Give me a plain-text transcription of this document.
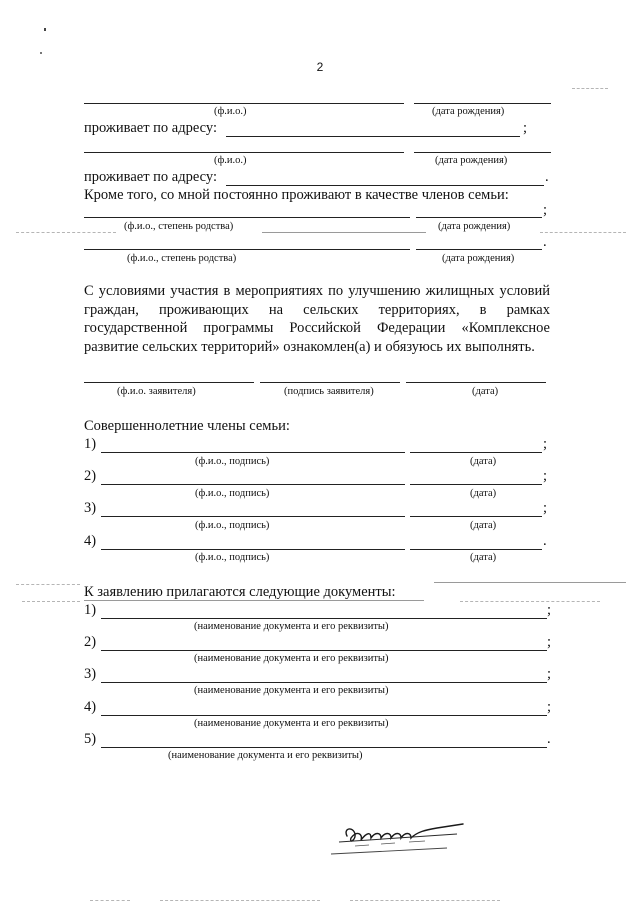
2
(ф.и.о.)	(дата рождения)
проживает по адресу:	;
(ф.и.о.)	(дата рождения)
проживает по адресу:	.
Кроме того, со мной постоянно проживают в качестве членов семьи:
;
(ф.и.о., степень родства)	(дата рождения)
.
(ф.и.о., степень родства)	(дата рождения)
С условиями участия в мероприятиях по улучшению жилищных условий граждан, проживающих на сельских территориях, в рамках государственной программы Российской Федерации «Комплексное развитие сельских территорий» ознакомлен(а) и обязуюсь их выполнять.
(ф.и.о. заявителя)	(подпись заявителя)	(дата)
Совершеннолетние члены семьи:
1)	;
(ф.и.о., подпись)	(дата)
2)	;
(ф.и.о., подпись)	(дата)
3)	;
(ф.и.о., подпись)	(дата)
4)	.
(ф.и.о., подпись)	(дата)
К заявлению прилагаются следующие документы:
1)	;
(наименование документа и его реквизиты)
2)	;
(наименование документа и его реквизиты)
3)	;
(наименование документа и его реквизиты)
4)	;
(наименование документа и его реквизиты)
5)	.
(наименование документа и его реквизиты)
